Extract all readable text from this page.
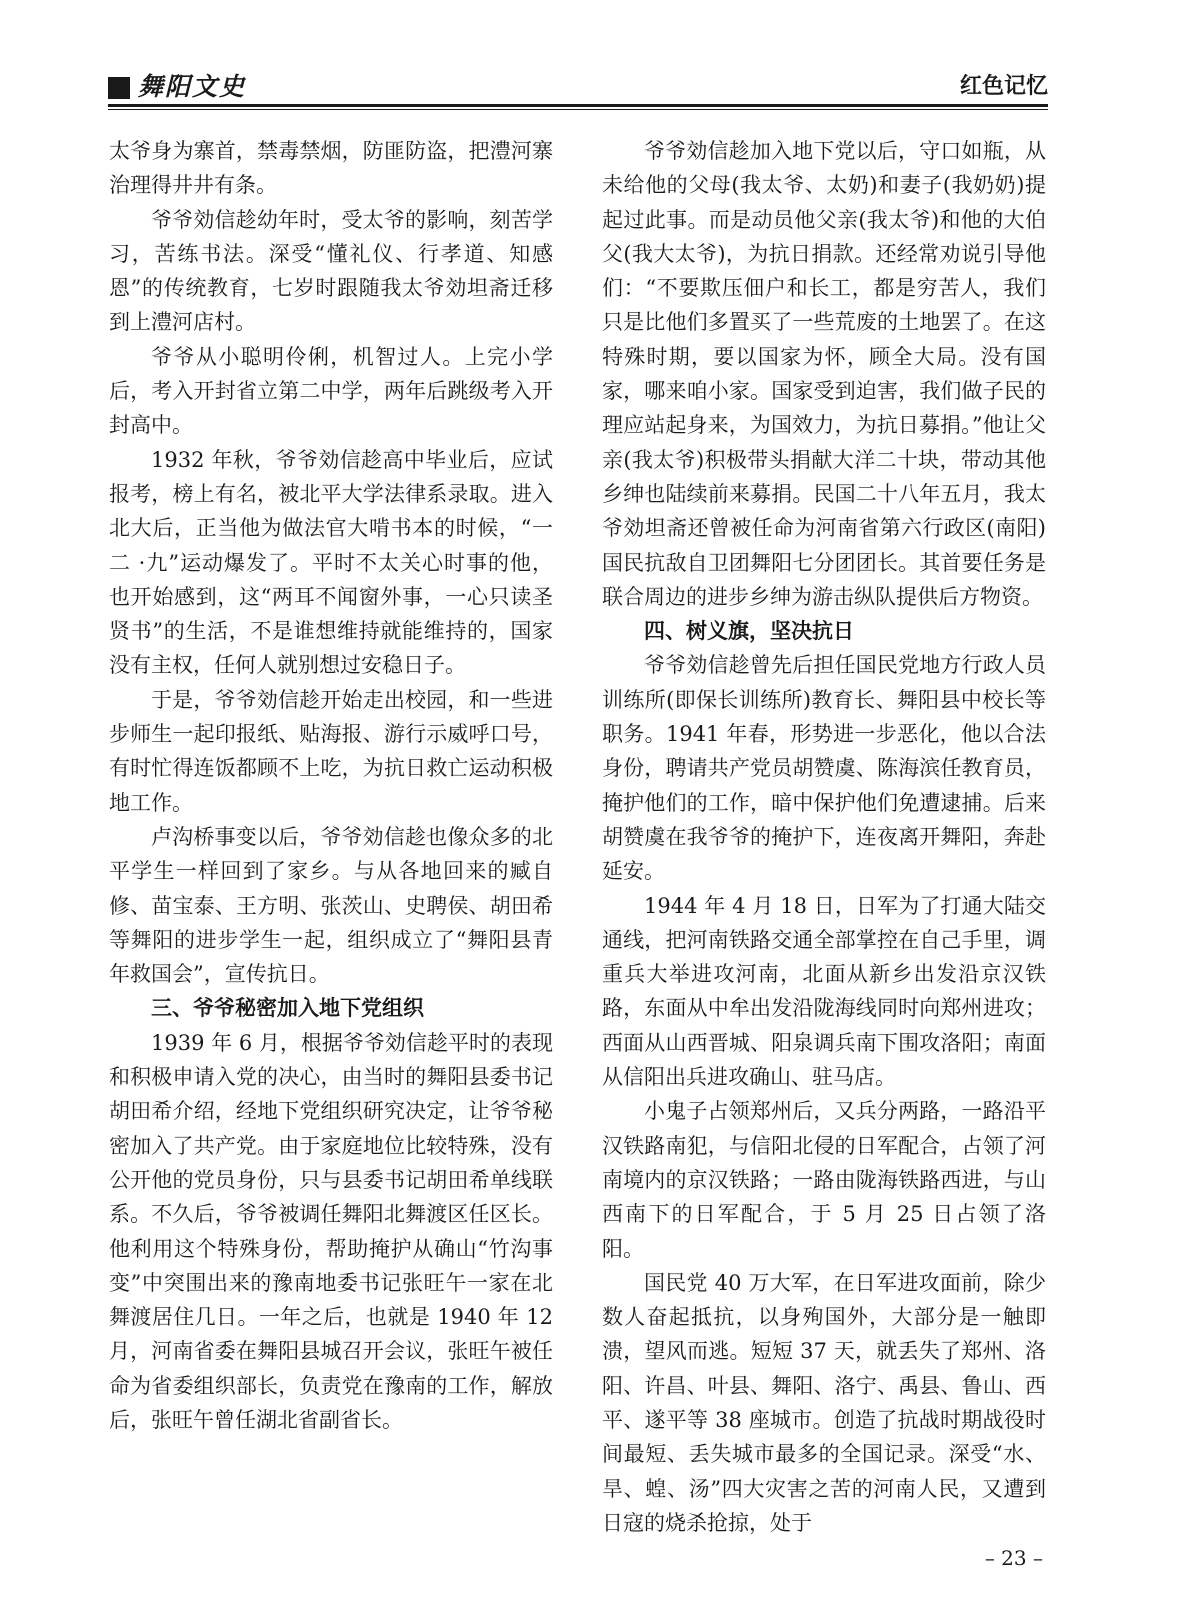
舞阳文史	红色记忆

太爷身为寨首，禁毒禁烟，防匪防盗，把澧河寨治理得井井有条。

爷爷効信趁幼年时，受太爷的影响，刻苦学习，苦练书法。深受“懂礼仪、行孝道、知感恩”的传统教育，七岁时跟随我太爷効坦斋迁移到上澧河店村。

爷爷从小聪明伶俐，机智过人。上完小学后，考入开封省立第二中学，两年后跳级考入开封高中。

1932 年秋，爷爷効信趁高中毕业后，应试报考，榜上有名，被北平大学法律系录取。进入北大后，正当他为做法官大啃书本的时候，“一二 ·九”运动爆发了。平时不太关心时事的他，也开始感到，这“两耳不闻窗外事，一心只读圣贤书”的生活，不是谁想维持就能维持的，国家没有主权，任何人就别想过安稳日子。

于是，爷爷効信趁开始走出校园，和一些进步师生一起印报纸、贴海报、游行示威呼口号，有时忙得连饭都顾不上吃，为抗日救亡运动积极地工作。

卢沟桥事变以后，爷爷効信趁也像众多的北平学生一样回到了家乡。与从各地回来的臧自修、苗宝泰、王方明、张茨山、史聘侯、胡田希等舞阳的进步学生一起，组织成立了“舞阳县青年救国会”，宣传抗日。

三、爷爷秘密加入地下党组织

1939 年 6 月，根据爷爷効信趁平时的表现和积极申请入党的决心，由当时的舞阳县委书记胡田希介绍，经地下党组织研究决定，让爷爷秘密加入了共产党。由于家庭地位比较特殊，没有公开他的党员身份，只与县委书记胡田希单线联系。不久后，爷爷被调任舞阳北舞渡区任区长。他利用这个特殊身份，帮助掩护从确山“竹沟事变”中突围出来的豫南地委书记张旺午一家在北舞渡居住几日。一年之后，也就是 1940 年 12 月，河南省委在舞阳县城召开会议，张旺午被任命为省委组织部长，负责党在豫南的工作，解放后，张旺午曾任湖北省副省长。

爷爷効信趁加入地下党以后，守口如瓶，从未给他的父母(我太爷、太奶)和妻子(我奶奶)提起过此事。而是动员他父亲(我太爷)和他的大伯父(我大太爷)，为抗日捐款。还经常劝说引导他们：“不要欺压佃户和长工，都是穷苦人，我们只是比他们多置买了一些荒废的土地罢了。在这特殊时期，要以国家为怀，顾全大局。没有国家，哪来咱小家。国家受到迫害，我们做子民的理应站起身来，为国效力，为抗日募捐。”他让父亲(我太爷)积极带头捐献大洋二十块，带动其他乡绅也陆续前来募捐。民国二十八年五月，我太爷効坦斋还曾被任命为河南省第六行政区(南阳)国民抗敌自卫团舞阳七分团团长。其首要任务是联合周边的进步乡绅为游击纵队提供后方物资。

四、树义旗，坚决抗日

爷爷効信趁曾先后担任国民党地方行政人员训练所(即保长训练所)教育长、舞阳县中校长等职务。1941 年春，形势进一步恶化，他以合法身份，聘请共产党员胡赞虞、陈海滨任教育员，掩护他们的工作，暗中保护他们免遭逮捕。后来胡赞虞在我爷爷的掩护下，连夜离开舞阳，奔赴延安。

1944 年 4 月 18 日，日军为了打通大陆交通线，把河南铁路交通全部掌控在自己手里，调重兵大举进攻河南，北面从新乡出发沿京汉铁路，东面从中牟出发沿陇海线同时向郑州进攻；西面从山西晋城、阳泉调兵南下围攻洛阳；南面从信阳出兵进攻确山、驻马店。

小鬼子占领郑州后，又兵分两路，一路沿平汉铁路南犯，与信阳北侵的日军配合，占领了河南境内的京汉铁路；一路由陇海铁路西进，与山西南下的日军配合，于 5 月 25 日占领了洛阳。

国民党 40 万大军，在日军进攻面前，除少数人奋起抵抗，以身殉国外，大部分是一触即溃，望风而逃。短短 37 天，就丢失了郑州、洛阳、许昌、叶县、舞阳、洛宁、禹县、鲁山、西平、遂平等 38 座城市。创造了抗战时期战役时间最短、丢失城市最多的全国记录。深受“水、旱、蝗、汤”四大灾害之苦的河南人民，又遭到日寇的烧杀抢掠，处于

– 23 –
